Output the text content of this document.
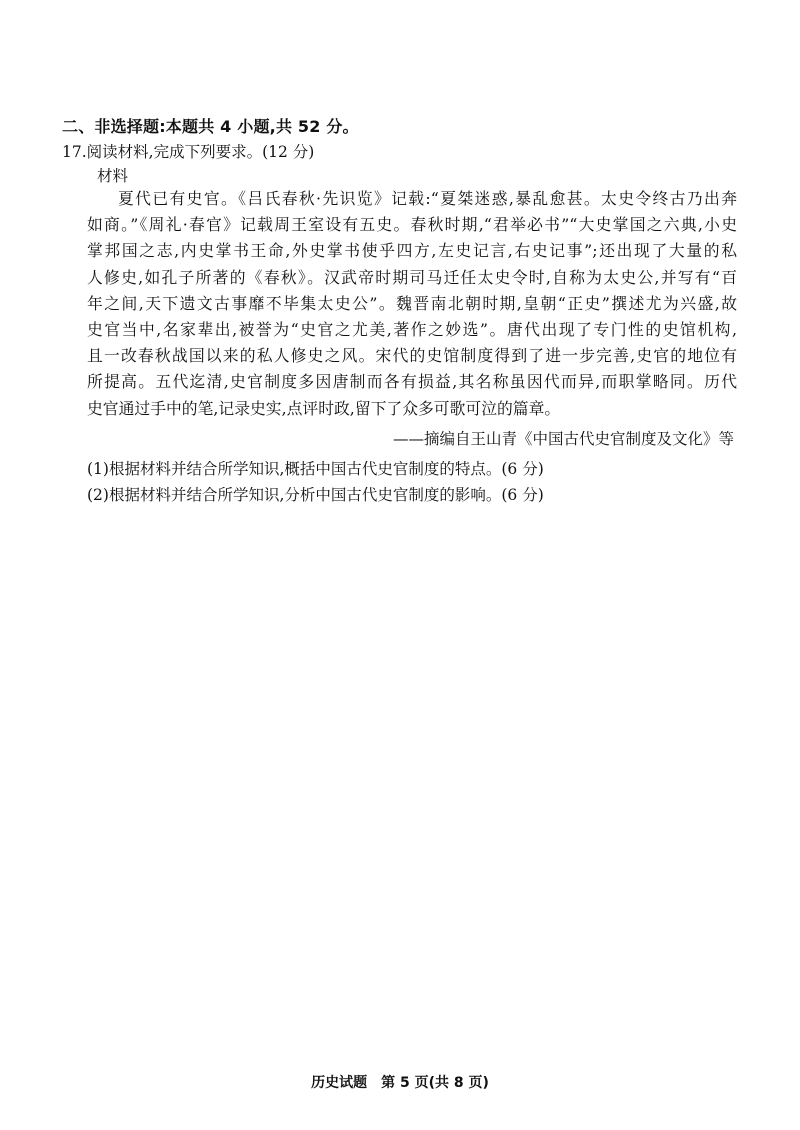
二、非选择题:本题共 4 小题,共 52 分。
17.阅读材料,完成下列要求。(12 分)
材料
夏代已有史官。《吕氏春秋·先识览》记载:“夏桀迷惑,暴乱愈甚。太史令终古乃出奔
如商。”《周礼·春官》记载周王室设有五史。春秋时期,“君举必书”“大史掌国之六典,小史
掌邦国之志,内史掌书王命,外史掌书使乎四方,左史记言,右史记事”;还出现了大量的私
人修史,如孔子所著的《春秋》。汉武帝时期司马迁任太史令时,自称为太史公,并写有“百
年之间,天下遗文古事靡不毕集太史公”。魏晋南北朝时期,皇朝“正史”撰述尤为兴盛,故
史官当中,名家辈出,被誉为“史官之尤美,著作之妙选”。唐代出现了专门性的史馆机构,
且一改春秋战国以来的私人修史之风。宋代的史馆制度得到了进一步完善,史官的地位有
所提高。五代迄清,史官制度多因唐制而各有损益,其名称虽因代而异,而职掌略同。历代
史官通过手中的笔,记录史实,点评时政,留下了众多可歌可泣的篇章。
——摘编自王山青《中国古代史官制度及文化》等
(1)根据材料并结合所学知识,概括中国古代史官制度的特点。(6 分)
(2)根据材料并结合所学知识,分析中国古代史官制度的影响。(6 分)
历史试题 第 5 页(共 8 页)
